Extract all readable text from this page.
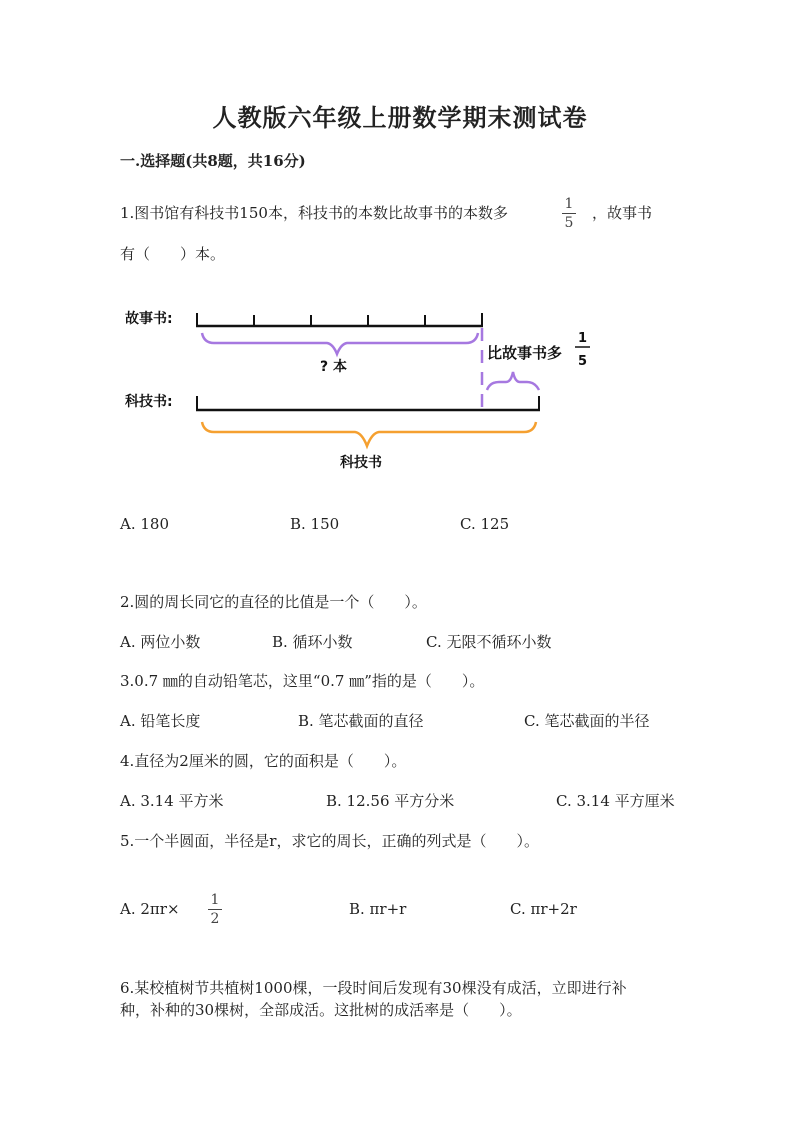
人教版六年级上册数学期末测试卷
一.选择题(共8题，共16分)
1.图书馆有科技书150本，科技书的本数比故事书的本数多	1
5
，故事书
有（　　）本。
故事书:
? 本
比故事书多
1
5
科技书:
科技书
A. 180	B. 150	C. 125
2.圆的周长同它的直径的比值是一个（　　）。
A. 两位小数	B. 循环小数	C. 无限不循环小数
3.0.7 ㎜的自动铅笔芯，这里“0.7 ㎜”指的是（　　）。
A. 铅笔长度	B. 笔芯截面的直径	C. 笔芯截面的半径
4.直径为2厘米的圆，它的面积是（　　）。
A. 3.14 平方米	B. 12.56 平方分米	C. 3.14 平方厘米
5.一个半圆面，半径是r，求它的周长，正确的列式是（　　）。
A. 2πr× 1
2
B. πr+r	C. πr+2r
6.某校植树节共植树1000棵，一段时间后发现有30棵没有成活，立即进行补
种，补种的30棵树，全部成活。这批树的成活率是（　　）。
